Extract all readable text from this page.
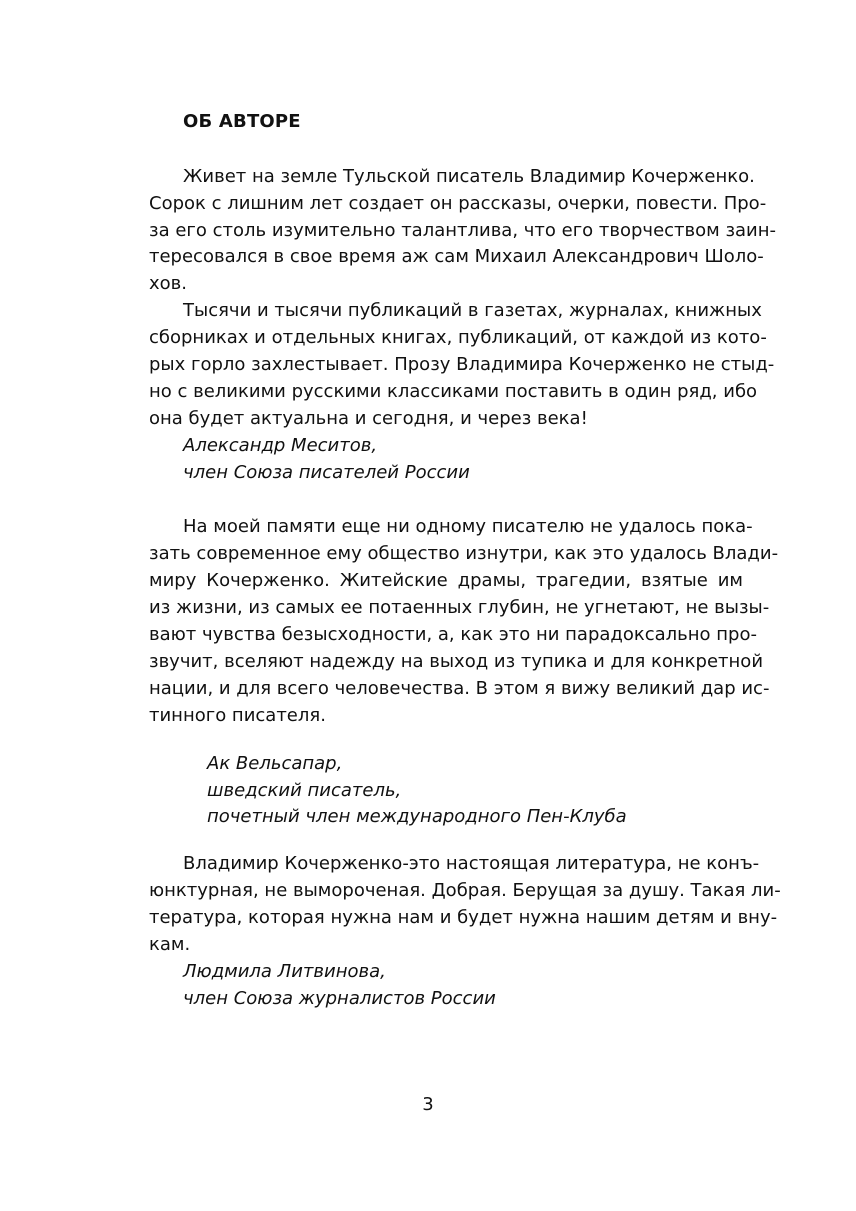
ОБ АВТОРЕ
Живет на земле Тульской писатель Владимир Кочерженко.
Сорок с лишним лет создает он рассказы, очерки, повести. Про-
за его столь изумительно талантлива, что его творчеством заин-
тересовался в свое время аж сам Михаил Александрович Шоло-
хов.
Тысячи и тысячи публикаций в газетах, журналах, книжных
сборниках и отдельных книгах, публикаций, от каждой из кото-
рых горло захлестывает. Прозу Владимира Кочерженко не стыд-
но с великими русскими классиками поставить в один ряд, ибо
она будет актуальна и сегодня, и через века!
Александр Меситов,
член Союза писателей России
На моей памяти еще ни одному писателю не удалось пока-
зать современное ему общество изнутри, как это удалось Влади-
миру Кочерженко. Житейские драмы, трагедии, взятые им
из жизни, из самых ее потаенных глубин, не угнетают, не вызы-
вают чувства безысходности, а, как это ни парадоксально про-
звучит, вселяют надежду на выход из тупика и для конкретной
нации, и для всего человечества. В этом я вижу великий дар ис-
тинного писателя.
Ак Вельсапар,
шведский писатель,
почетный член международного Пен-Клуба
Владимир Кочерженко-это настоящая литература, не конъ-
юнктурная, не вымороченая. Добрая. Берущая за душу. Такая ли-
тература, которая нужна нам и будет нужна нашим детям и вну-
кам.
Людмила Литвинова,
член Союза журналистов России
3
